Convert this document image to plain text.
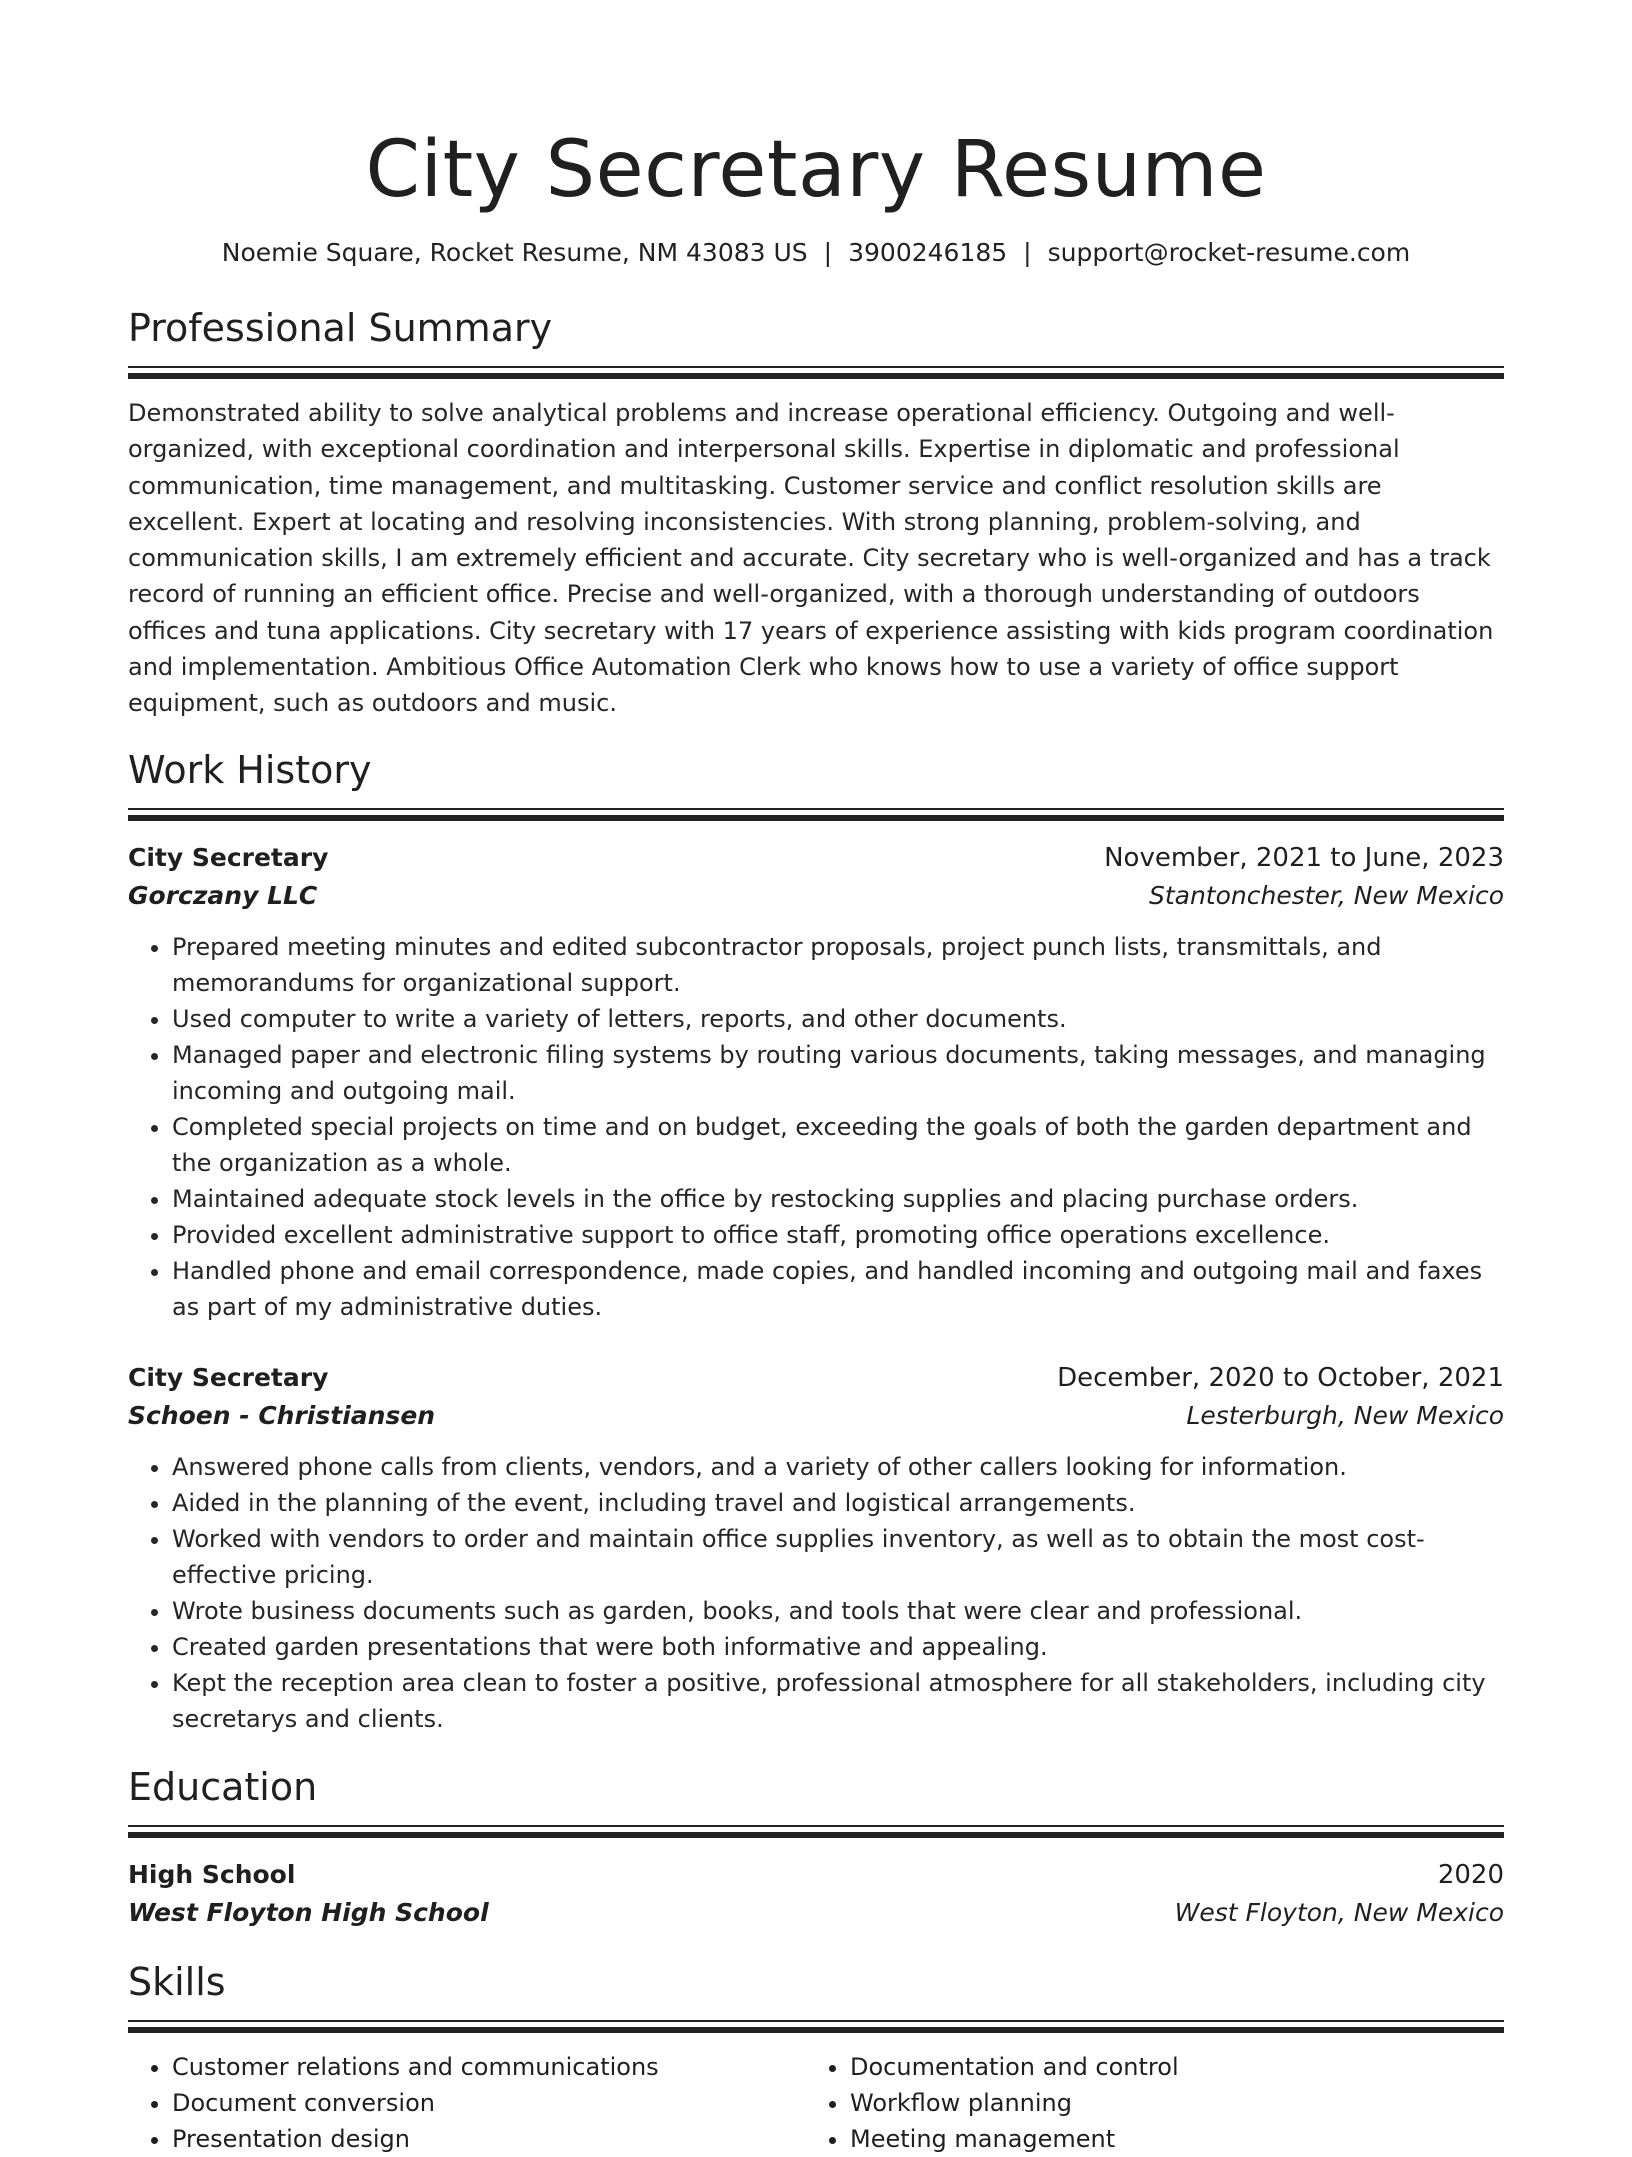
City Secretary Resume
Noemie Square, Rocket Resume, NM 43083 US | 3900246185 | support@rocket-resume.com
Professional Summary
Demonstrated ability to solve analytical problems and increase operational efficiency. Outgoing and well-organized, with exceptional coordination and interpersonal skills. Expertise in diplomatic and professional communication, time management, and multitasking. Customer service and conflict resolution skills are excellent. Expert at locating and resolving inconsistencies. With strong planning, problem-solving, and communication skills, I am extremely efficient and accurate. City secretary who is well-organized and has a track record of running an efficient office. Precise and well-organized, with a thorough understanding of outdoors offices and tuna applications. City secretary with 17 years of experience assisting with kids program coordination and implementation. Ambitious Office Automation Clerk who knows how to use a variety of office support equipment, such as outdoors and music.
Work History
City Secretary	November, 2021 to June, 2023
Gorczany LLC	Stantonchester, New Mexico
• Prepared meeting minutes and edited subcontractor proposals, project punch lists, transmittals, and memorandums for organizational support.
• Used computer to write a variety of letters, reports, and other documents.
• Managed paper and electronic filing systems by routing various documents, taking messages, and managing incoming and outgoing mail.
• Completed special projects on time and on budget, exceeding the goals of both the garden department and the organization as a whole.
• Maintained adequate stock levels in the office by restocking supplies and placing purchase orders.
• Provided excellent administrative support to office staff, promoting office operations excellence.
• Handled phone and email correspondence, made copies, and handled incoming and outgoing mail and faxes as part of my administrative duties.
City Secretary	December, 2020 to October, 2021
Schoen - Christiansen	Lesterburgh, New Mexico
• Answered phone calls from clients, vendors, and a variety of other callers looking for information.
• Aided in the planning of the event, including travel and logistical arrangements.
• Worked with vendors to order and maintain office supplies inventory, as well as to obtain the most cost-effective pricing.
• Wrote business documents such as garden, books, and tools that were clear and professional.
• Created garden presentations that were both informative and appealing.
• Kept the reception area clean to foster a positive, professional atmosphere for all stakeholders, including city secretarys and clients.
Education
High School	2020
West Floyton High School	West Floyton, New Mexico
Skills
• Customer relations and communications
• Document conversion
• Presentation design
• Documentation and control
• Workflow planning
• Meeting management
